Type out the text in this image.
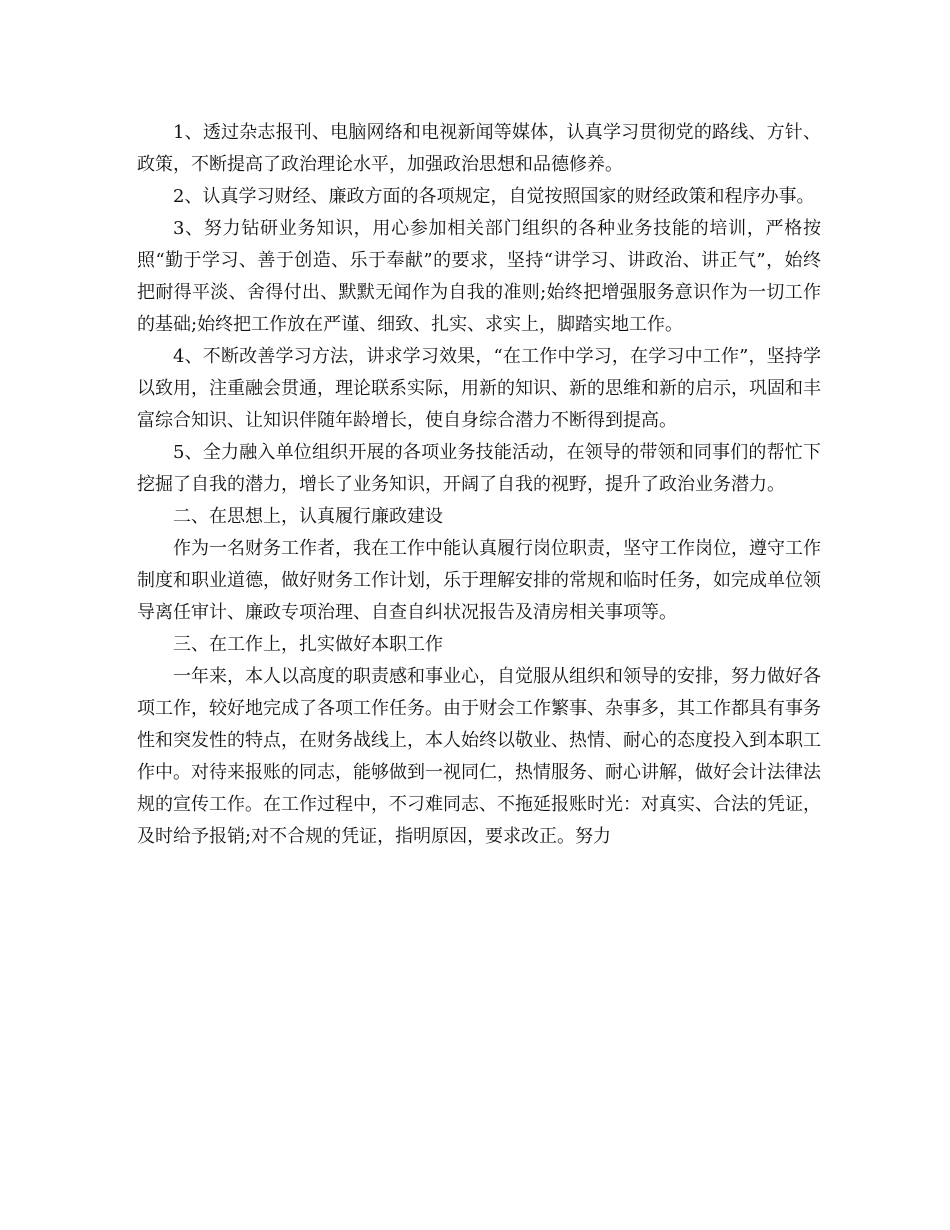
1、透过杂志报刊、电脑网络和电视新闻等媒体，认真学习贯彻党的路线、方针、政策，不断提高了政治理论水平，加强政治思想和品德修养。

2、认真学习财经、廉政方面的各项规定，自觉按照国家的财经政策和程序办事。

3、努力钻研业务知识，用心参加相关部门组织的各种业务技能的培训，严格按照“勤于学习、善于创造、乐于奉献”的要求，坚持“讲学习、讲政治、讲正气”，始终把耐得平淡、舍得付出、默默无闻作为自我的准则;始终把增强服务意识作为一切工作的基础;始终把工作放在严谨、细致、扎实、求实上，脚踏实地工作。

4、不断改善学习方法，讲求学习效果，“在工作中学习，在学习中工作”，坚持学以致用，注重融会贯通，理论联系实际，用新的知识、新的思维和新的启示，巩固和丰富综合知识、让知识伴随年龄增长，使自身综合潜力不断得到提高。

5、全力融入单位组织开展的各项业务技能活动，在领导的带领和同事们的帮忙下挖掘了自我的潜力，增长了业务知识，开阔了自我的视野，提升了政治业务潜力。

二、在思想上，认真履行廉政建设

作为一名财务工作者，我在工作中能认真履行岗位职责，坚守工作岗位，遵守工作制度和职业道德，做好财务工作计划，乐于理解安排的常规和临时任务，如完成单位领导离任审计、廉政专项治理、自查自纠状况报告及清房相关事项等。

三、在工作上，扎实做好本职工作

一年来，本人以高度的职责感和事业心，自觉服从组织和领导的安排，努力做好各项工作，较好地完成了各项工作任务。由于财会工作繁事、杂事多，其工作都具有事务性和突发性的特点，在财务战线上，本人始终以敬业、热情、耐心的态度投入到本职工作中。对待来报账的同志，能够做到一视同仁，热情服务、耐心讲解，做好会计法律法规的宣传工作。在工作过程中，不刁难同志、不拖延报账时光：对真实、合法的凭证，及时给予报销;对不合规的凭证，指明原因，要求改正。努力
